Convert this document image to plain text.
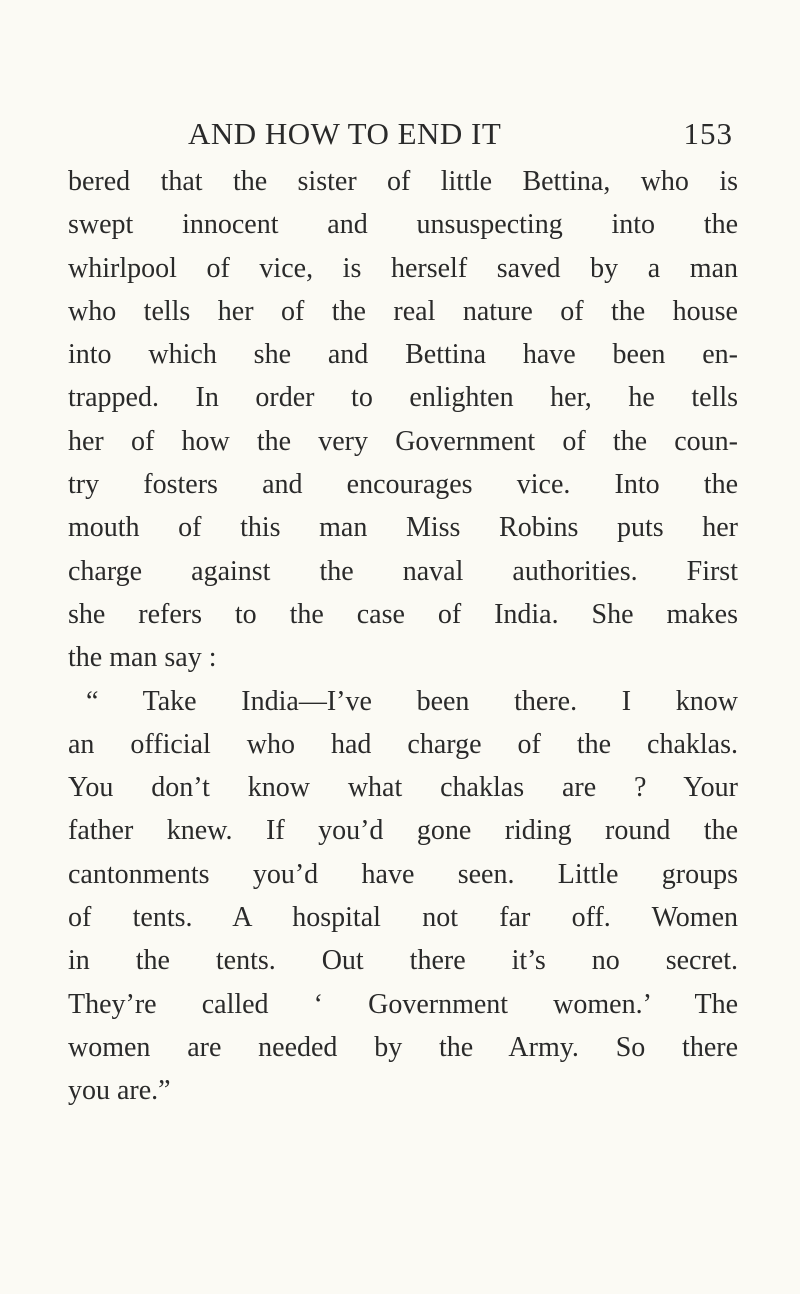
AND HOW TO END IT	153
bered that the sister of little Bettina, who is
swept innocent and unsuspecting into the
whirlpool of vice, is herself saved by a man
who tells her of the real nature of the house
into which she and Bettina have been en-
trapped. In order to enlighten her, he tells
her of how the very Government of the coun-
try fosters and encourages vice. Into the
mouth of this man Miss Robins puts her
charge against the naval authorities. First
she refers to the case of India. She makes
the man say :
“ Take India—I’ve been there. I know
an official who had charge of the chaklas.
You don’t know what chaklas are ? Your
father knew. If you’d gone riding round the
cantonments you’d have seen. Little groups
of tents. A hospital not far off. Women
in the tents. Out there it’s no secret.
They’re called ‘ Government women.’ The
women are needed by the Army. So there
you are.”
